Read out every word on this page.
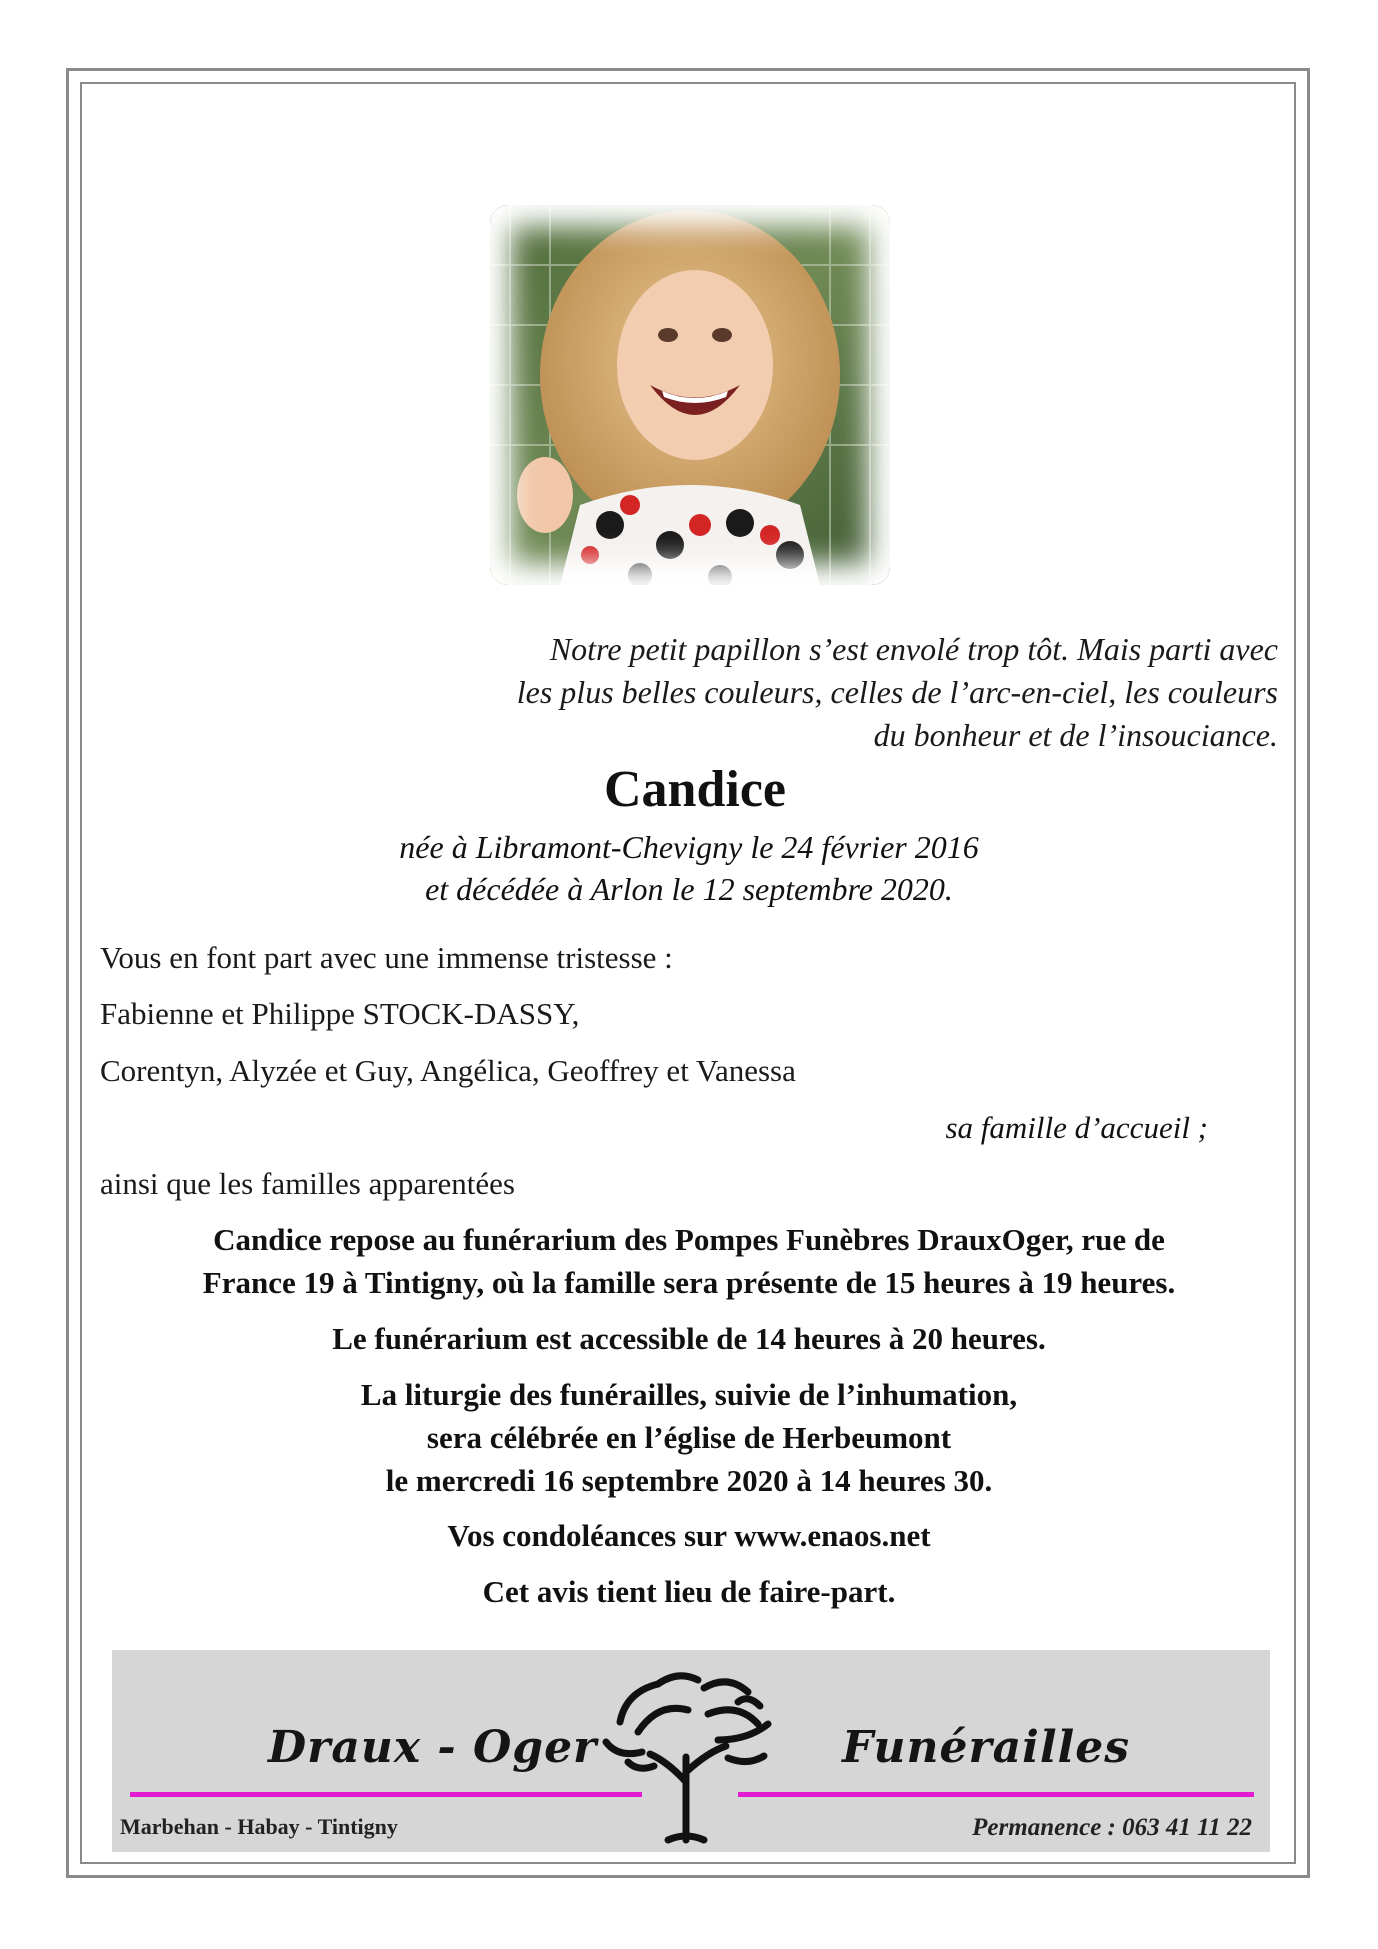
Notre petit papillon s’est envolé trop tôt. Mais parti avec
les plus belles couleurs, celles de l’arc-en-ciel, les couleurs
du bonheur et de l’insouciance.
Candice
née à Libramont-Chevigny le 24 février 2016
et décédée à Arlon le 12 septembre 2020.
Vous en font part avec une immense tristesse :
Fabienne et Philippe STOCK-DASSY,
Corentyn, Alyzée et Guy, Angélica, Geoffrey et Vanessa
sa famille d’accueil ;
ainsi que les familles apparentées
Candice repose au funérarium des Pompes Funèbres DrauxOger, rue de
France 19 à Tintigny, où la famille sera présente de 15 heures à 19 heures.
Le funérarium est accessible de 14 heures à 20 heures.
La liturgie des funérailles, suivie de l’inhumation,
sera célébrée en l’église de Herbeumont
le mercredi 16 septembre 2020 à 14 heures 30.
Vos condoléances sur www.enaos.net
Cet avis tient lieu de faire-part.
Draux - Oger	Funérailles
Marbehan - Habay - Tintigny	Permanence : 063 41 11 22
